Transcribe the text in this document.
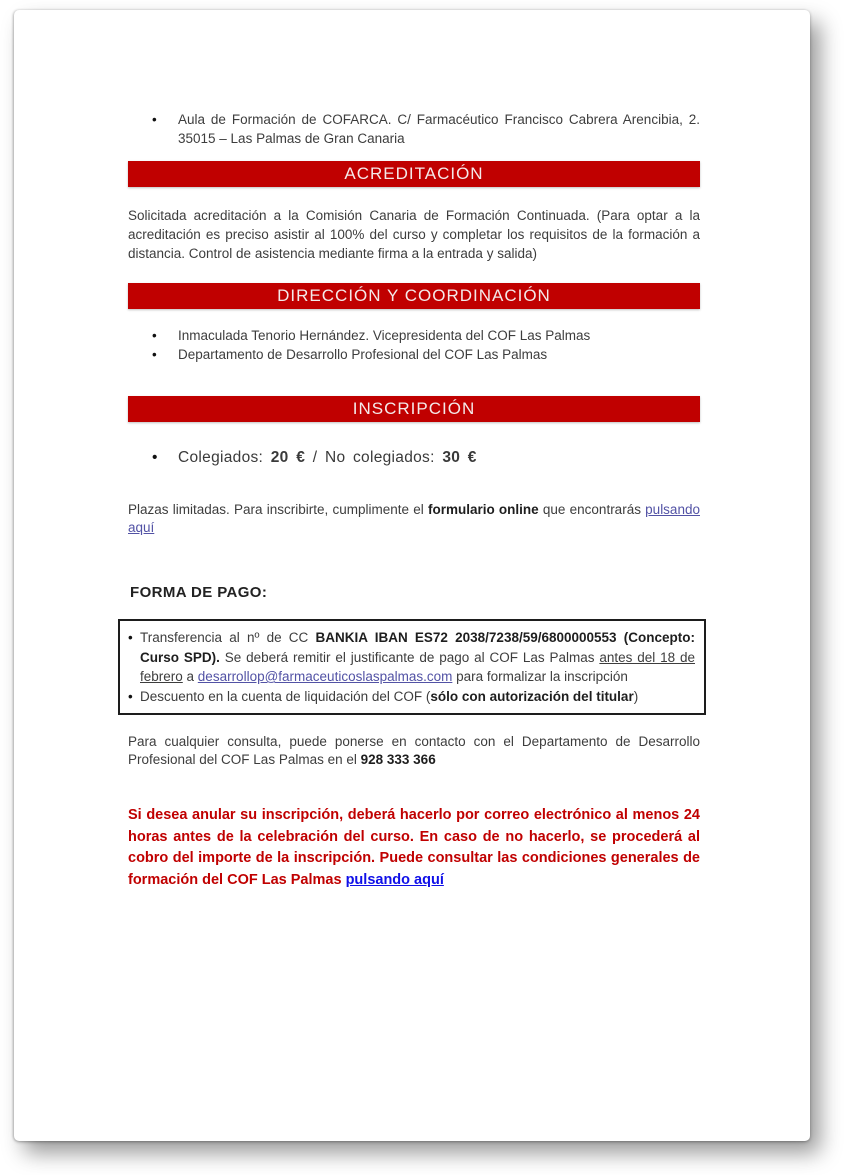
• Aula de Formación de COFARCA. C/ Farmacéutico Francisco Cabrera Arencibia, 2. 35015 – Las Palmas de Gran Canaria
ACREDITACIÓN

Solicitada acreditación a la Comisión Canaria de Formación Continuada. (Para optar a la acreditación es preciso asistir al 100% del curso y completar los requisitos de la formación a distancia. Control de asistencia mediante firma a la entrada y salida)

DIRECCIÓN Y COORDINACIÓN
• Inmaculada Tenorio Hernández. Vicepresidenta del COF Las Palmas
• Departamento de Desarrollo Profesional del COF Las Palmas
INSCRIPCIÓN
• Colegiados: 20 € / No colegiados: 30 €

Plazas limitadas. Para inscribirte, cumplimente el formulario online que encontrarás pulsando aquí

FORMA DE PAGO:
• Transferencia al nº de CC BANKIA IBAN ES72 2038/7238/59/6800000553 (Concepto: Curso SPD). Se deberá remitir el justificante de pago al COF Las Palmas antes del 18 de febrero a desarrollop@farmaceuticoslaspalmas.com para formalizar la inscripción
• Descuento en la cuenta de liquidación del COF (sólo con autorización del titular)

Para cualquier consulta, puede ponerse en contacto con el Departamento de Desarrollo Profesional del COF Las Palmas en el 928 333 366

Si desea anular su inscripción, deberá hacerlo por correo electrónico al menos 24 horas antes de la celebración del curso. En caso de no hacerlo, se procederá al cobro del importe de la inscripción. Puede consultar las condiciones generales de formación del COF Las Palmas pulsando aquí
